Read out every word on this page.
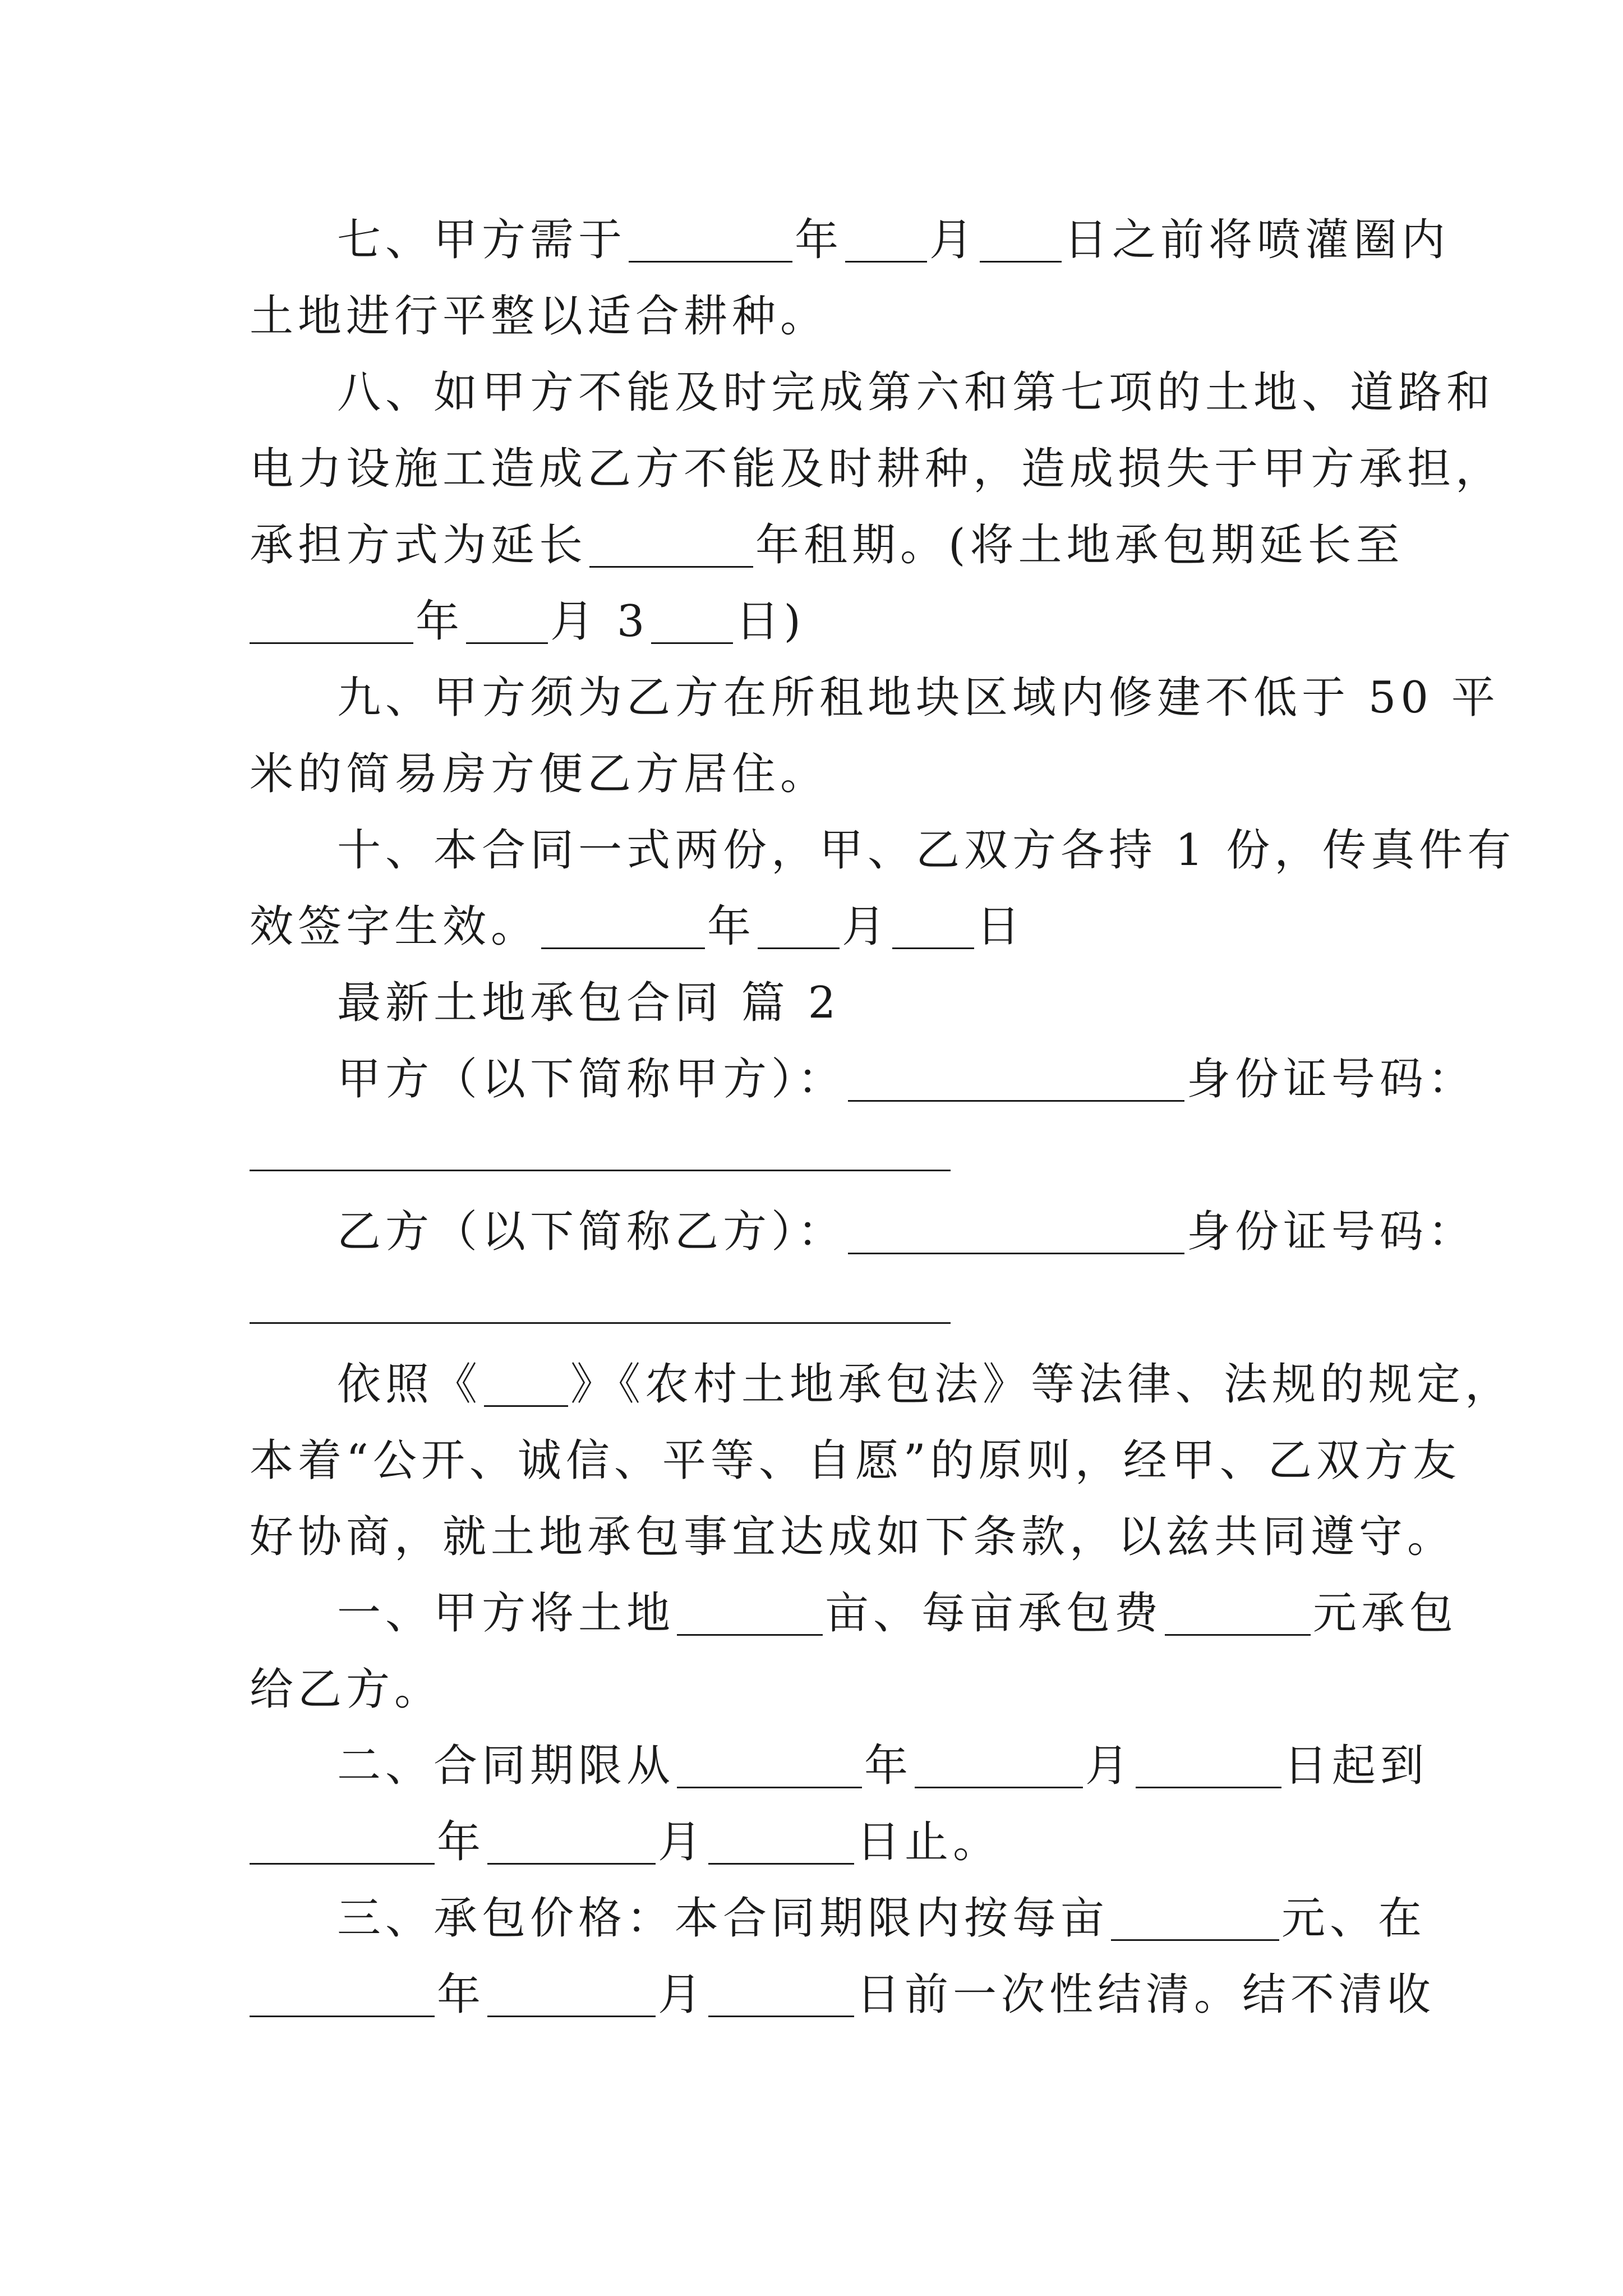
七、甲方需于	年 月 日之前将喷灌圈内

土地进行平整以适合耕种。

八、如甲方不能及时完成第六和第七项的土地、道路和

电力设施工造成乙方不能及时耕种，造成损失于甲方承担，

承担方式为延长	年租期。(将土地承包期延长至

年 月 3 日)

九、甲方须为乙方在所租地块区域内修建不低于 50 平

米的简易房方便乙方居住。

十、本合同一式两份，甲、乙双方各持 1 份，传真件有

效签字生效。	年 月 日

最新土地承包合同 篇 2

甲方（以下简称甲方）：	身份证号码：

乙方（以下简称乙方）：	身份证号码：

依照《 》《农村土地承包法》等法律、法规的规定，

本着“公开、诚信、平等、自愿”的原则，经甲、乙双方友

好协商，就土地承包事宜达成如下条款，以兹共同遵守。

一、甲方将土地	亩、每亩承包费	元承包

给乙方。

二、合同期限从	年	月	日起到

年	月	日止。

三、承包价格：本合同期限内按每亩	元、在

年	月	日前一次性结清。结不清收
